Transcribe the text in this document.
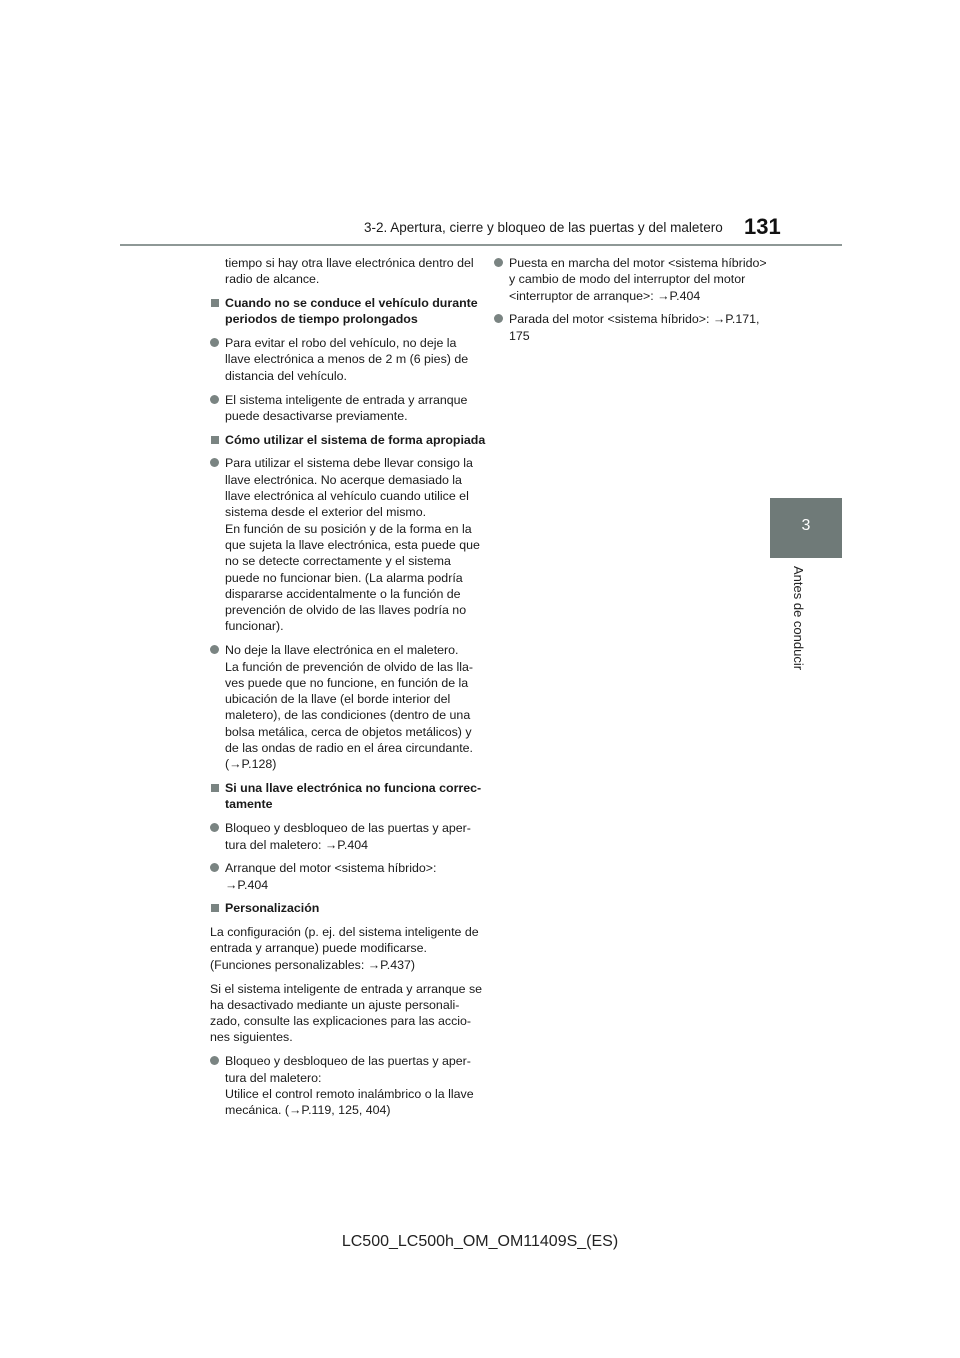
3-2. Apertura, cierre y bloqueo de las puertas y del maletero 131
3
Antes de conducir
tiempo si hay otra llave electrónica dentro del
radio de alcance.
Cuando no se conduce el vehículo durante
periodos de tiempo prolongados
Para evitar el robo del vehículo, no deje la
llave electrónica a menos de 2 m (6 pies) de
distancia del vehículo.
El sistema inteligente de entrada y arranque
puede desactivarse previamente.
Cómo utilizar el sistema de forma apropiada
Para utilizar el sistema debe llevar consigo la
llave electrónica. No acerque demasiado la
llave electrónica al vehículo cuando utilice el
sistema desde el exterior del mismo.
En función de su posición y de la forma en la
que sujeta la llave electrónica, esta puede que
no se detecte correctamente y el sistema
puede no funcionar bien. (La alarma podría
dispararse accidentalmente o la función de
prevención de olvido de las llaves podría no
funcionar).
No deje la llave electrónica en el maletero.
La función de prevención de olvido de las lla-
ves puede que no funcione, en función de la
ubicación de la llave (el borde interior del
maletero), de las condiciones (dentro de una
bolsa metálica, cerca de objetos metálicos) y
de las ondas de radio en el área circundante.
(→P.128)
Si una llave electrónica no funciona correc-
tamente
Bloqueo y desbloqueo de las puertas y aper-
tura del maletero: →P.404
Arranque del motor <sistema híbrido>:
→P.404
Personalización
La configuración (p. ej. del sistema inteligente de
entrada y arranque) puede modificarse.
(Funciones personalizables: →P.437)
Si el sistema inteligente de entrada y arranque se
ha desactivado mediante un ajuste personali-
zado, consulte las explicaciones para las accio-
nes siguientes.
Bloqueo y desbloqueo de las puertas y aper-
tura del maletero:
Utilice el control remoto inalámbrico o la llave
mecánica. (→P.119, 125, 404)
Puesta en marcha del motor <sistema híbrido>
y cambio de modo del interruptor del motor
<interruptor de arranque>: →P.404
Parada del motor <sistema híbrido>: →P.171,
175
LC500_LC500h_OM_OM11409S_(ES)
